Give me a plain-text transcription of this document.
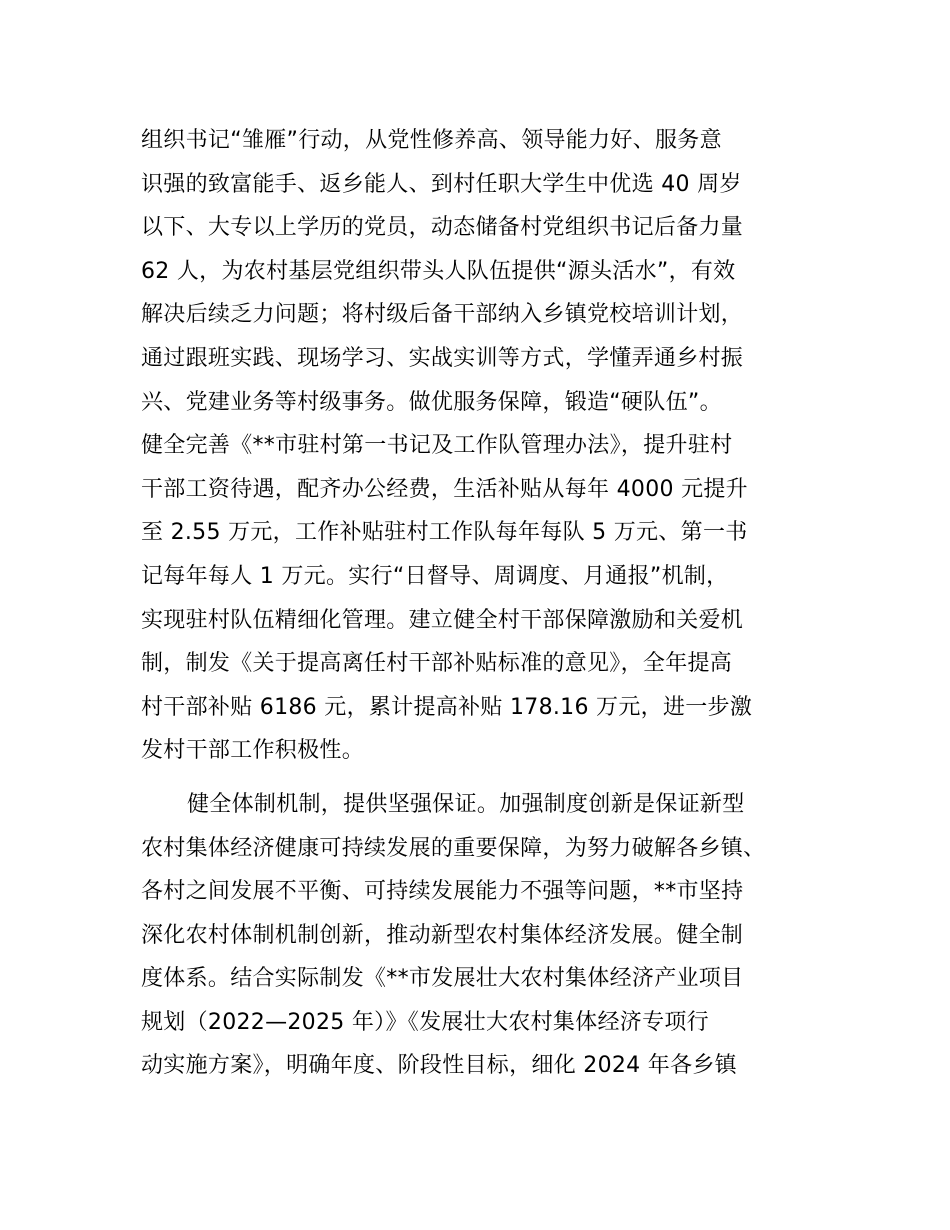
组织书记“雏雁”行动，从党性修养高、领导能力好、服务意
识强的致富能手、返乡能人、到村任职大学生中优选 40 周岁
以下、大专以上学历的党员，动态储备村党组织书记后备力量
62 人，为农村基层党组织带头人队伍提供“源头活水”，有效
解决后续乏力问题；将村级后备干部纳入乡镇党校培训计划，
通过跟班实践、现场学习、实战实训等方式，学懂弄通乡村振
兴、党建业务等村级事务。做优服务保障，锻造“硬队伍”。
健全完善《**市驻村第一书记及工作队管理办法》，提升驻村
干部工资待遇，配齐办公经费，生活补贴从每年 4000 元提升
至 2.55 万元，工作补贴驻村工作队每年每队 5 万元、第一书
记每年每人 1 万元。实行“日督导、周调度、月通报”机制，
实现驻村队伍精细化管理。建立健全村干部保障激励和关爱机
制，制发《关于提高离任村干部补贴标准的意见》，全年提高
村干部补贴 6186 元，累计提高补贴 178.16 万元，进一步激
发村干部工作积极性。
健全体制机制，提供坚强保证。加强制度创新是保证新型
农村集体经济健康可持续发展的重要保障，为努力破解各乡镇、
各村之间发展不平衡、可持续发展能力不强等问题，**市坚持
深化农村体制机制创新，推动新型农村集体经济发展。健全制
度体系。结合实际制发《**市发展壮大农村集体经济产业项目
规划（2022—2025 年）》《发展壮大农村集体经济专项行
动实施方案》，明确年度、阶段性目标，细化 2024 年各乡镇
